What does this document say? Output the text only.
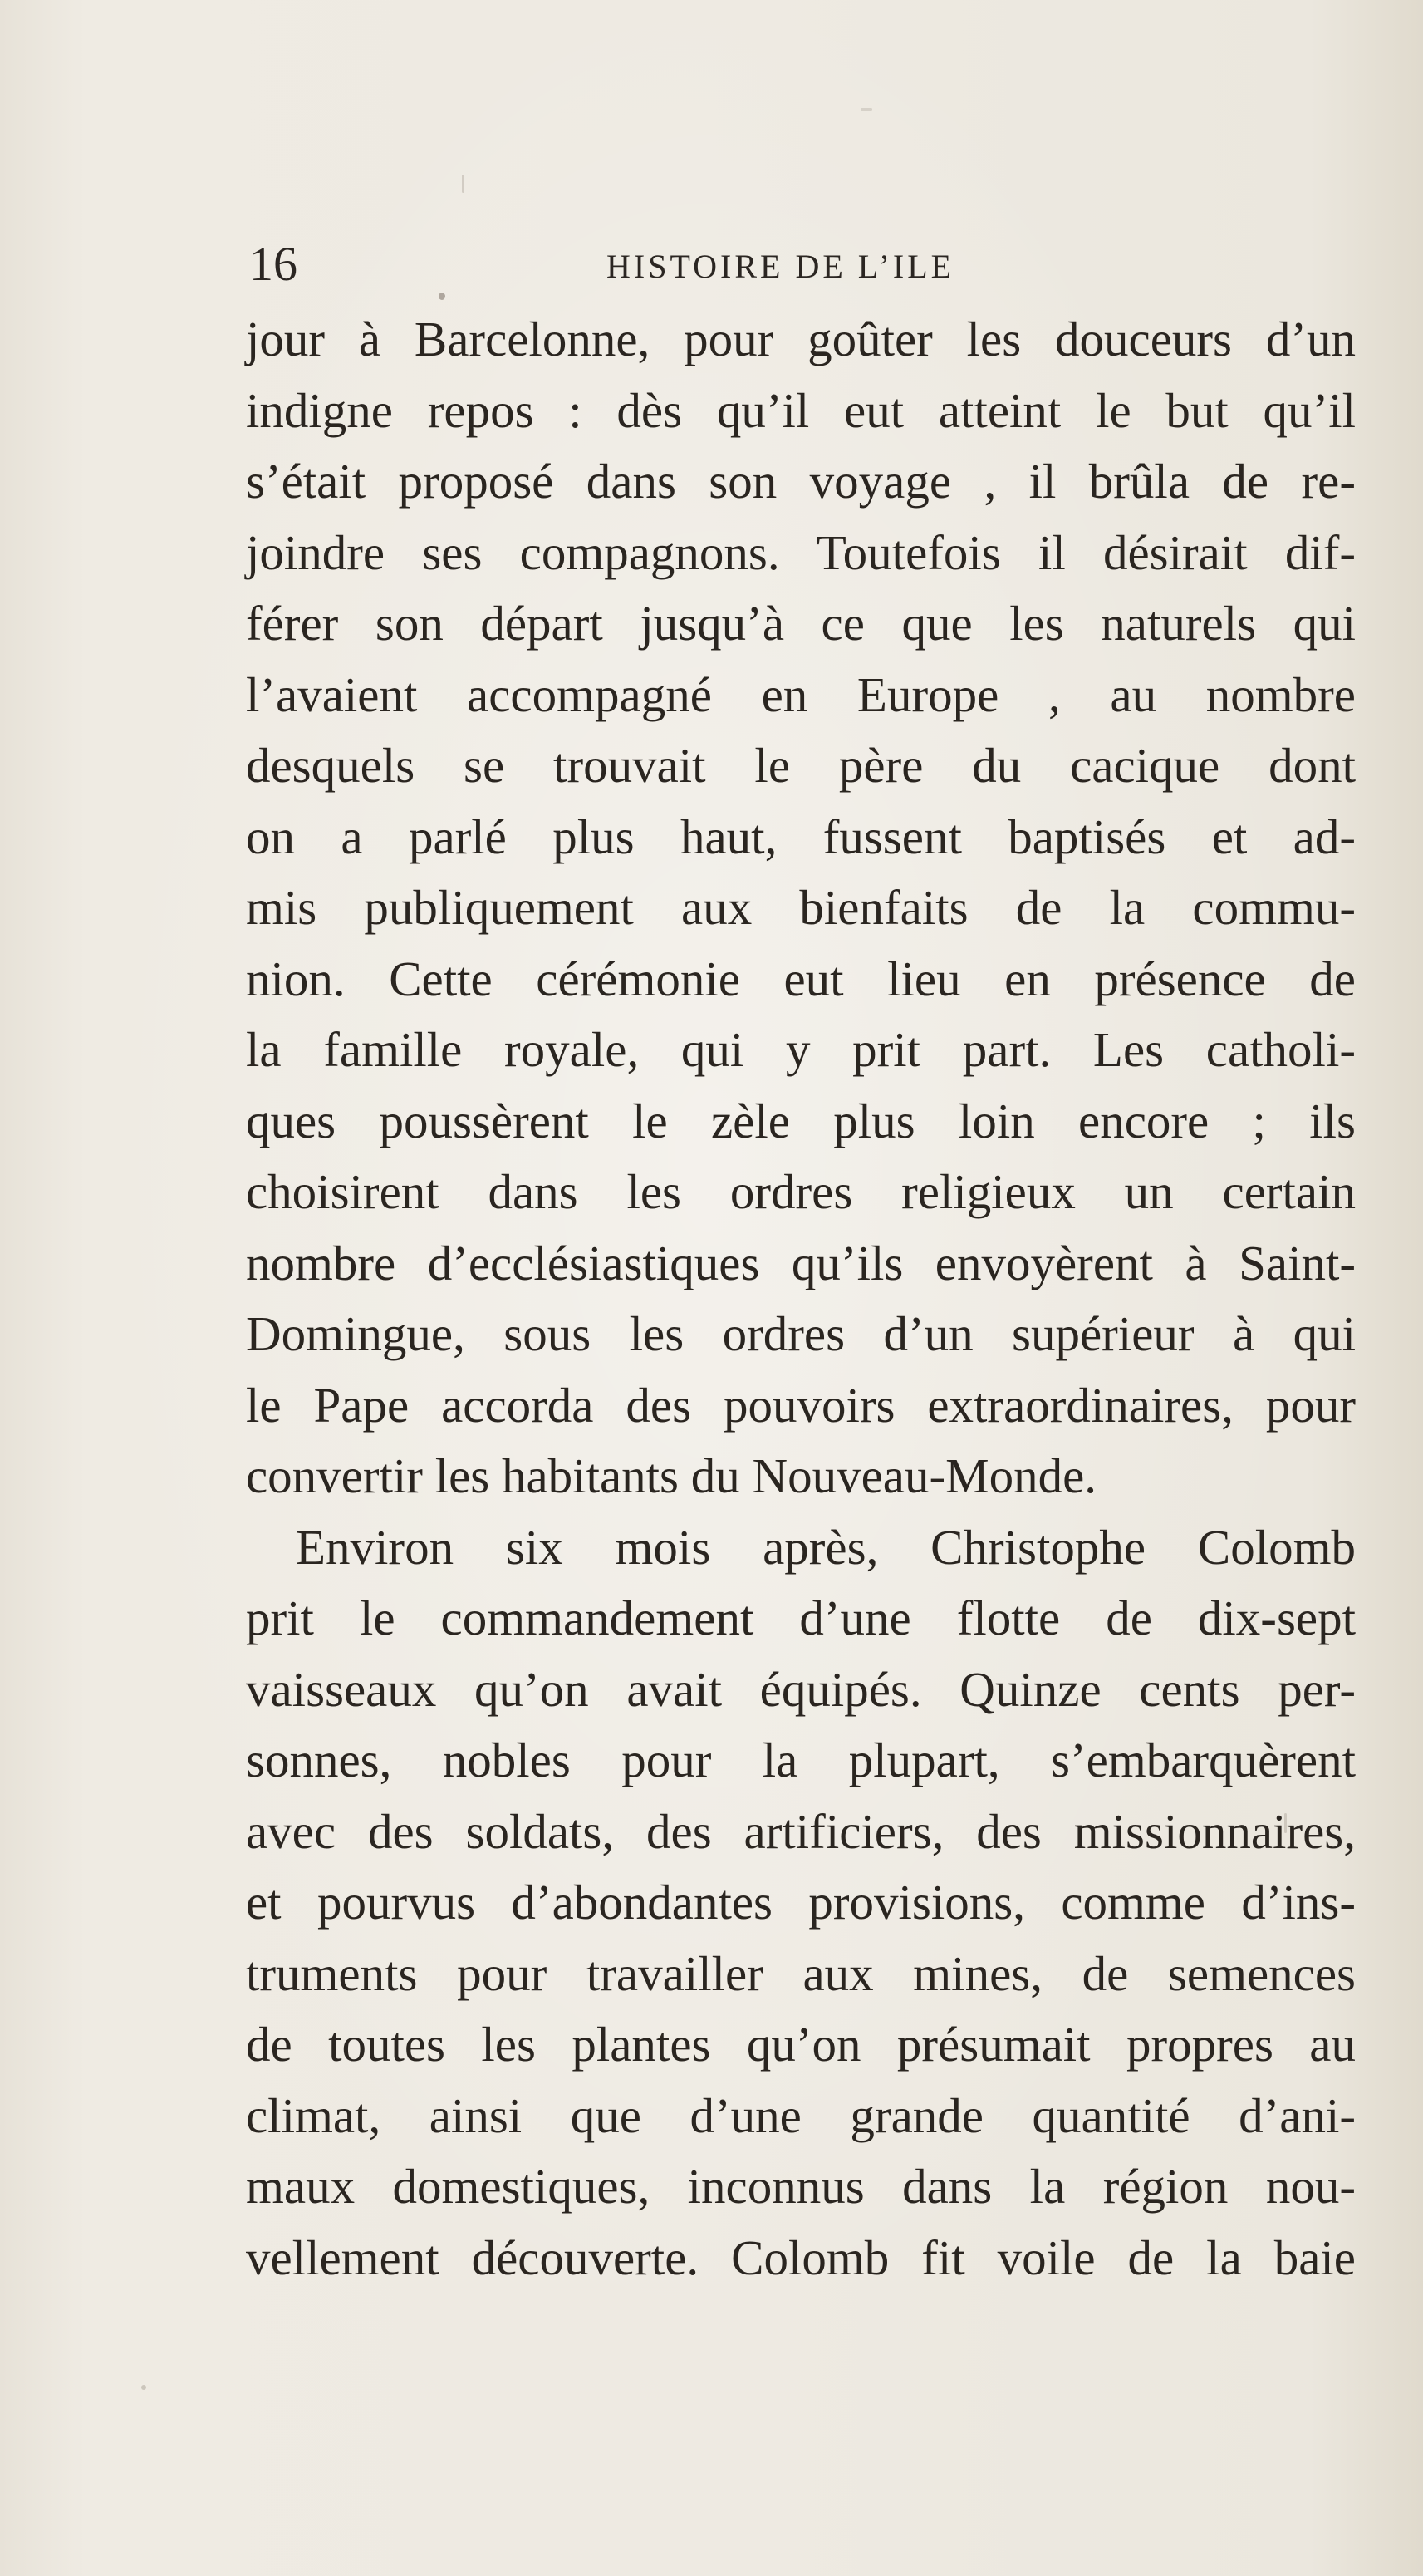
16	HISTOIRE DE L’ILE
jour à Barcelonne, pour goûter les douceurs d’un
indigne repos : dès qu’il eut atteint le but qu’il
s’était proposé dans son voyage , il brûla de re-
joindre ses compagnons. Toutefois il désirait dif-
férer son départ jusqu’à ce que les naturels qui
l’avaient accompagné en Europe , au nombre
desquels se trouvait le père du cacique dont
on a parlé plus haut, fussent baptisés et ad-
mis publiquement aux bienfaits de la commu-
nion. Cette cérémonie eut lieu en présence de
la famille royale, qui y prit part. Les catholi-
ques poussèrent le zèle plus loin encore ; ils
choisirent dans les ordres religieux un certain
nombre d’ecclésiastiques qu’ils envoyèrent à Saint-
Domingue, sous les ordres d’un supérieur à qui
le Pape accorda des pouvoirs extraordinaires, pour
convertir les habitants du Nouveau-Monde.
Environ six mois après, Christophe Colomb
prit le commandement d’une flotte de dix-sept
vaisseaux qu’on avait équipés. Quinze cents per-
sonnes, nobles pour la plupart, s’embarquèrent
avec des soldats, des artificiers, des missionnaires,
et pourvus d’abondantes provisions, comme d’ins-
truments pour travailler aux mines, de semences
de toutes les plantes qu’on présumait propres au
climat, ainsi que d’une grande quantité d’ani-
maux domestiques, inconnus dans la région nou-
vellement découverte. Colomb fit voile de la baie
